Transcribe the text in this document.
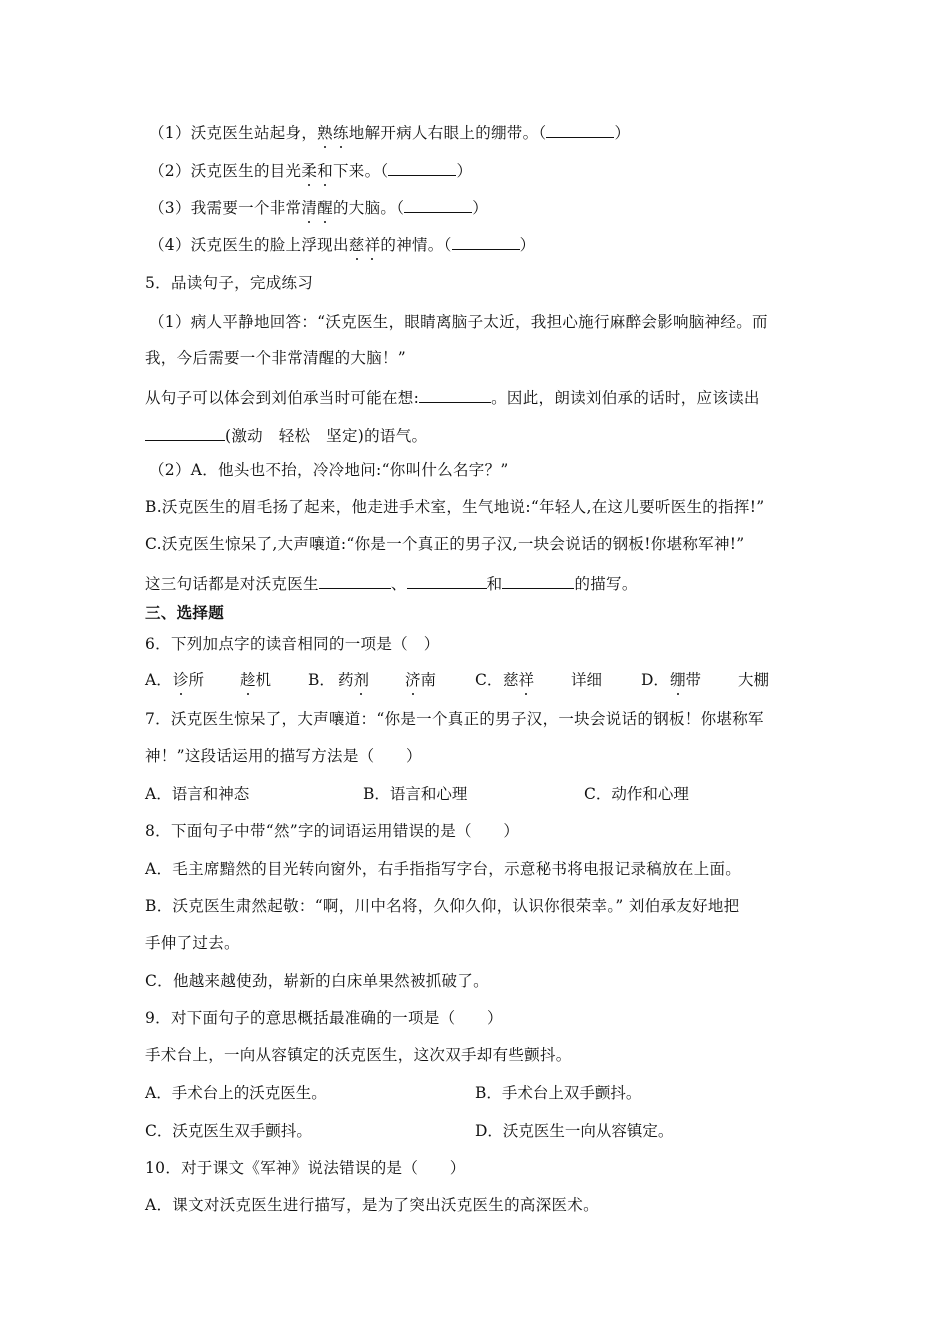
（1）沃克医生站起身，熟练地解开病人右眼上的绷带。（	）
（2）沃克医生的目光柔和下来。（	）
（3）我需要一个非常清醒的大脑。（	）
（4）沃克医生的脸上浮现出慈祥的神情。（	）
5．品读句子，完成练习
（1）病人平静地回答：“沃克医生，眼睛离脑子太近，我担心施行麻醉会影响脑神经。而
我，今后需要一个非常清醒的大脑！”
从句子可以体会到刘伯承当时可能在想:	。因此，朗读刘伯承的话时，应该读出
(激动　轻松　坚定)的语气。
（2）A．他头也不抬，冷冷地问:“你叫什么名字？”
B.沃克医生的眉毛扬了起来，他走进手术室，生气地说:“年轻人,在这儿要听医生的指挥!”
C.沃克医生惊呆了,大声嚷道:“你是一个真正的男子汉,一块会说话的钢板!你堪称军神!”
这三句话都是对沃克医生	、	和	的描写。
三、选择题
6．下列加点字的读音相同的一项是（　）
A． 诊所 趁机 B． 药剂 济南	C． 慈祥 详细	D． 绷带 大棚
7．沃克医生惊呆了，大声嚷道：“你是一个真正的男子汉，一块会说话的钢板！你堪称军
神！”这段话运用的描写方法是（　　）
A．语言和神态	B．语言和心理	C．动作和心理
8．下面句子中带“然”字的词语运用错误的是（　　）
A．毛主席黯然的目光转向窗外，右手指指写字台，示意秘书将电报记录稿放在上面。
B．沃克医生肃然起敬：“啊，川中名将，久仰久仰，认识你很荣幸。” 刘伯承友好地把
手伸了过去。
C．他越来越使劲，崭新的白床单果然被抓破了。
9．对下面句子的意思概括最准确的一项是（　　）
手术台上，一向从容镇定的沃克医生，这次双手却有些颤抖。
A．手术台上的沃克医生。	B．手术台上双手颤抖。
C．沃克医生双手颤抖。	D．沃克医生一向从容镇定。
10．对于课文《军神》说法错误的是（　　）
A．课文对沃克医生进行描写，是为了突出沃克医生的高深医术。
